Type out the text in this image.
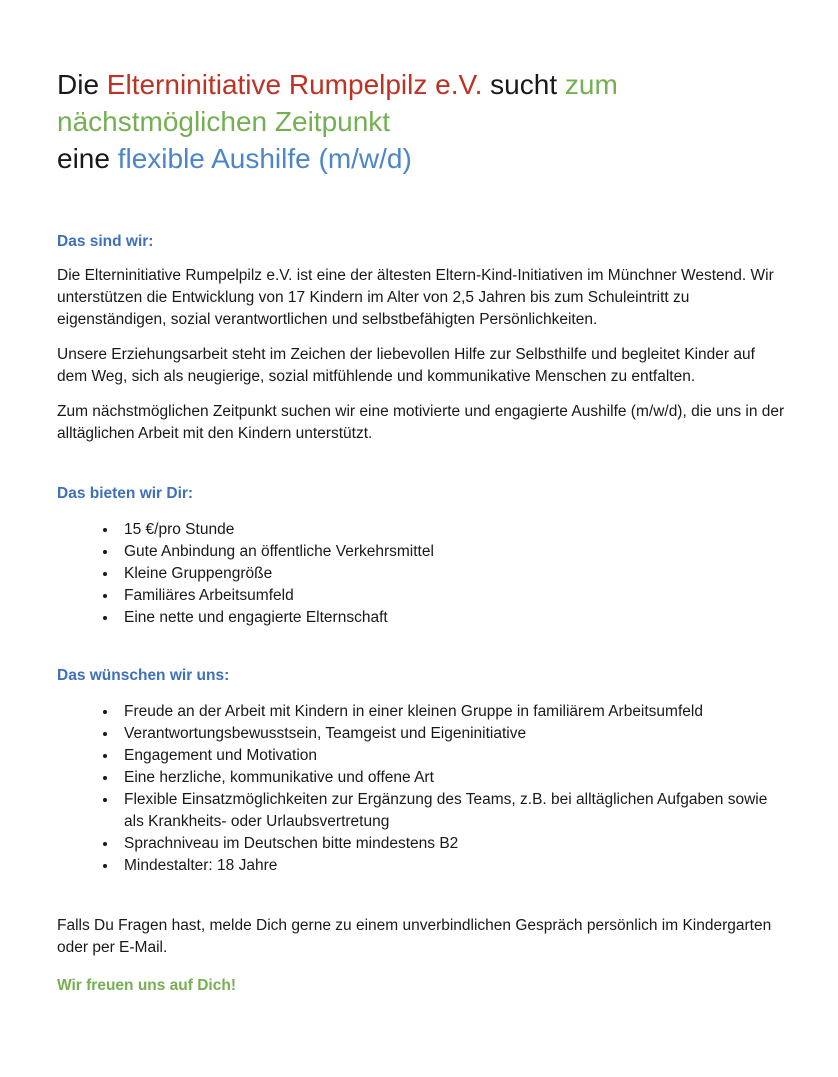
Die Elterninitiative Rumpelpilz e.V. sucht zum
nächstmöglichen Zeitpunkt
eine flexible Aushilfe (m/w/d)
Das sind wir:

Die Elterninitiative Rumpelpilz e.V. ist eine der ältesten Eltern-Kind-Initiativen im Münchner Westend. Wir unterstützen die Entwicklung von 17 Kindern im Alter von 2,5 Jahren bis zum Schuleintritt zu eigenständigen, sozial verantwortlichen und selbstbefähigten Persönlichkeiten.

Unsere Erziehungsarbeit steht im Zeichen der liebevollen Hilfe zur Selbsthilfe und begleitet Kinder auf dem Weg, sich als neugierige, sozial mitfühlende und kommunikative Menschen zu entfalten.

Zum nächstmöglichen Zeitpunkt suchen wir eine motivierte und engagierte Aushilfe (m/w/d), die uns in der alltäglichen Arbeit mit den Kindern unterstützt.

Das bieten wir Dir:
• 15 €/pro Stunde
• Gute Anbindung an öffentliche Verkehrsmittel
• Kleine Gruppengröße
• Familiäres Arbeitsumfeld
• Eine nette und engagierte Elternschaft
Das wünschen wir uns:
• Freude an der Arbeit mit Kindern in einer kleinen Gruppe in familiärem Arbeitsumfeld
• Verantwortungsbewusstsein, Teamgeist und Eigeninitiative
• Engagement und Motivation
• Eine herzliche, kommunikative und offene Art
• Flexible Einsatzmöglichkeiten zur Ergänzung des Teams, z.B. bei alltäglichen Aufgaben sowie als Krankheits- oder Urlaubsvertretung
• Sprachniveau im Deutschen bitte mindestens B2
• Mindestalter: 18 Jahre

Falls Du Fragen hast, melde Dich gerne zu einem unverbindlichen Gespräch persönlich im Kindergarten oder per E-Mail.

Wir freuen uns auf Dich!
